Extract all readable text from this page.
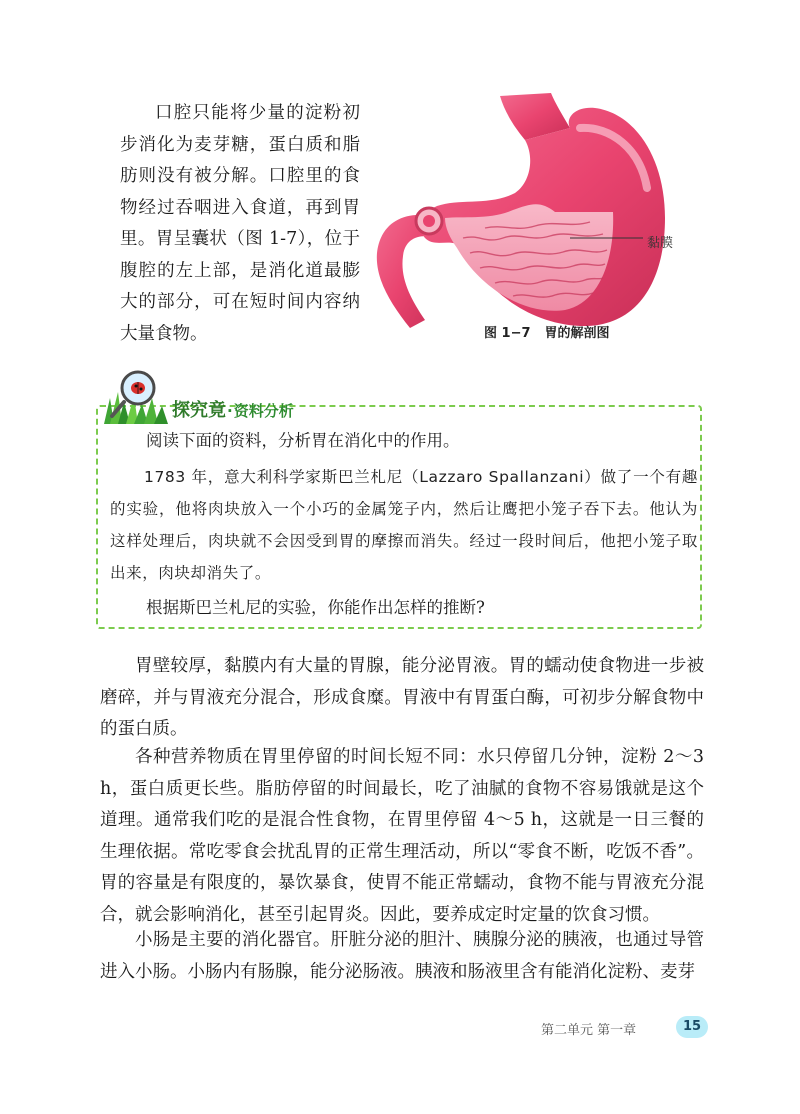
口腔只能将少量的淀粉初步消化为麦芽糖，蛋白质和脂肪则没有被分解。口腔里的食物经过吞咽进入食道，再到胃里。胃呈囊状（图 1-7），位于腹腔的左上部，是消化道最膨大的部分，可在短时间内容纳大量食物。

黏膜
图 1−7 胃的解剖图
探究竟·资料分析

阅读下面的资料，分析胃在消化中的作用。

1783 年，意大利科学家斯巴兰札尼（Lazzaro Spallanzani）做了一个有趣的实验，他将肉块放入一个小巧的金属笼子内，然后让鹰把小笼子吞下去。他认为这样处理后，肉块就不会因受到胃的摩擦而消失。经过一段时间后，他把小笼子取出来，肉块却消失了。

根据斯巴兰札尼的实验，你能作出怎样的推断?

胃壁较厚，黏膜内有大量的胃腺，能分泌胃液。胃的蠕动使食物进一步被磨碎，并与胃液充分混合，形成食糜。胃液中有胃蛋白酶，可初步分解食物中的蛋白质。

各种营养物质在胃里停留的时间长短不同：水只停留几分钟，淀粉 2～3 h，蛋白质更长些。脂肪停留的时间最长，吃了油腻的食物不容易饿就是这个道理。通常我们吃的是混合性食物，在胃里停留 4～5 h，这就是一日三餐的生理依据。常吃零食会扰乱胃的正常生理活动，所以“零食不断，吃饭不香”。胃的容量是有限度的，暴饮暴食，使胃不能正常蠕动，食物不能与胃液充分混合，就会影响消化，甚至引起胃炎。因此，要养成定时定量的饮食习惯。

小肠是主要的消化器官。肝脏分泌的胆汁、胰腺分泌的胰液，也通过导管进入小肠。小肠内有肠腺，能分泌肠液。胰液和肠液里含有能消化淀粉、麦芽

第二单元 第一章	15
